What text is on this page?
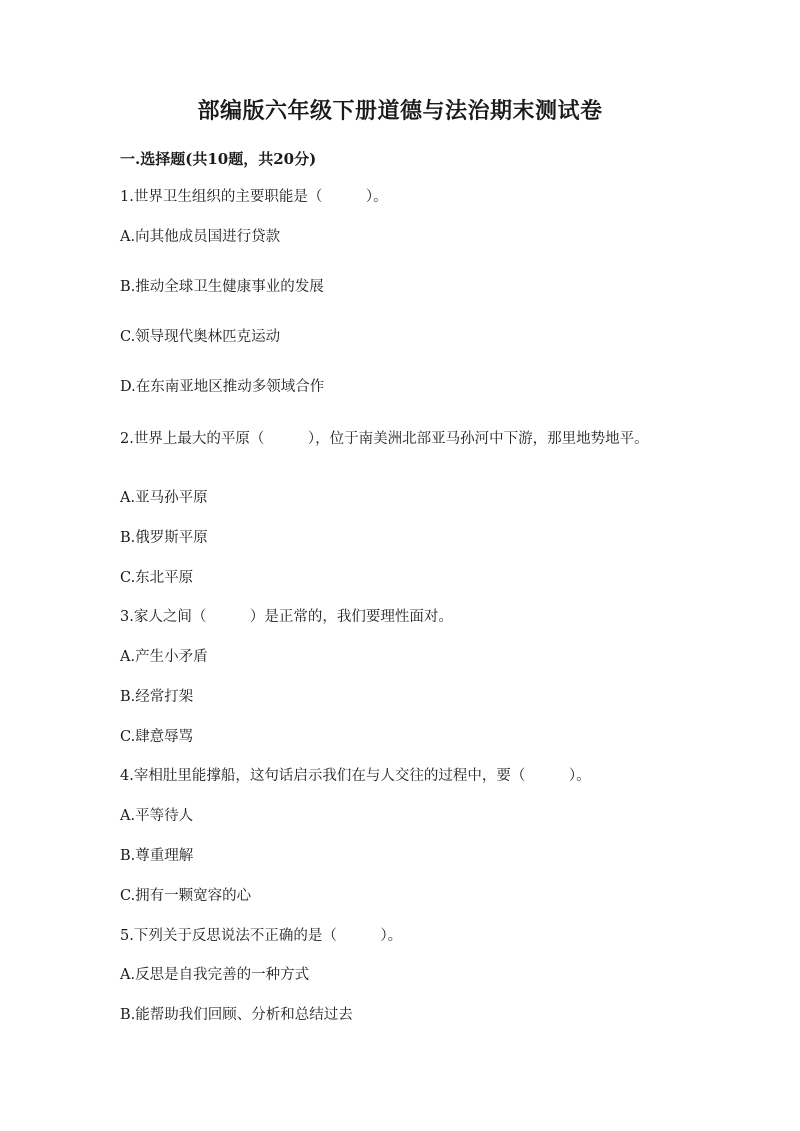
部编版六年级下册道德与法治期末测试卷
一.选择题(共10题，共20分)

1.世界卫生组织的主要职能是（　　　）。

A.向其他成员国进行贷款

B.推动全球卫生健康事业的发展

C.领导现代奥林匹克运动

D.在东南亚地区推动多领域合作

2.世界上最大的平原（　　　），位于南美洲北部亚马孙河中下游，那里地势地平。

A.亚马孙平原

B.俄罗斯平原

C.东北平原

3.家人之间（　　　）是正常的，我们要理性面对。

A.产生小矛盾

B.经常打架

C.肆意辱骂

4.宰相肚里能撑船，这句话启示我们在与人交往的过程中，要（　　　）。

A.平等待人

B.尊重理解

C.拥有一颗宽容的心

5.下列关于反思说法不正确的是（　　　）。

A.反思是自我完善的一种方式

B.能帮助我们回顾、分析和总结过去
